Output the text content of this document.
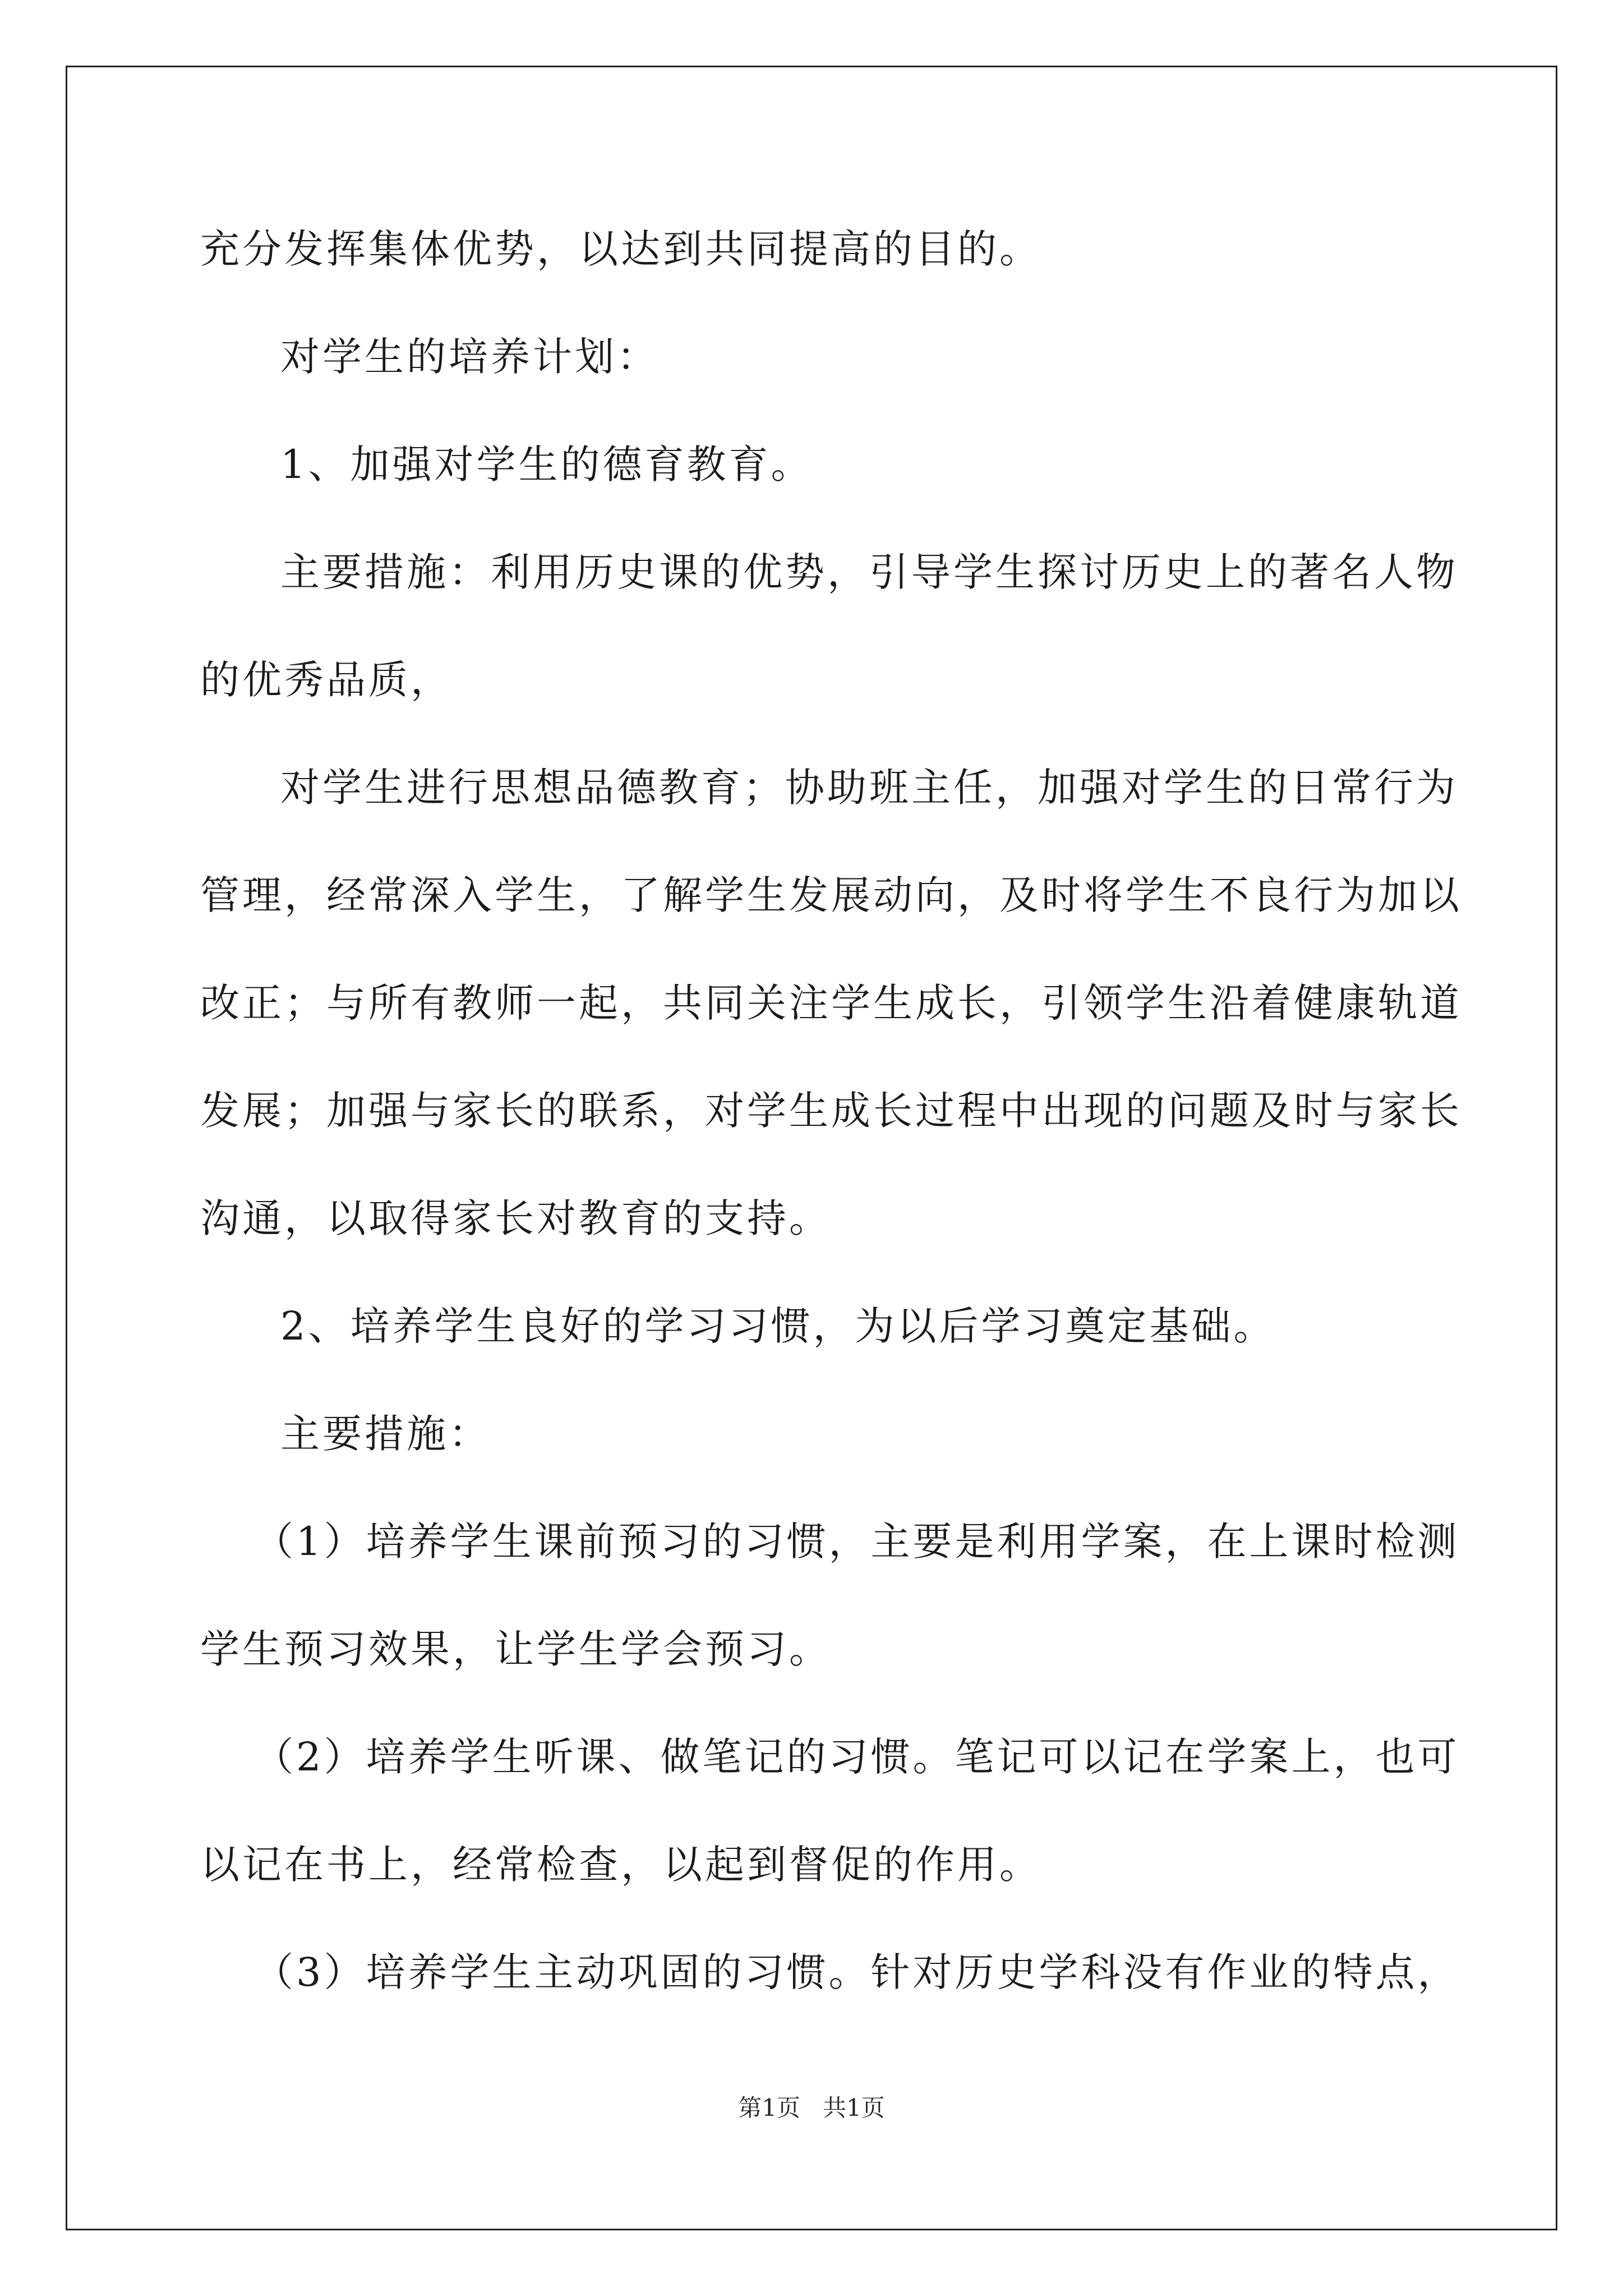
充分发挥集体优势，以达到共同提高的目的。
对学生的培养计划：
1、加强对学生的德育教育。
主要措施：利用历史课的优势，引导学生探讨历史上的著名人物
的优秀品质，
对学生进行思想品德教育；协助班主任，加强对学生的日常行为
管理，经常深入学生，了解学生发展动向，及时将学生不良行为加以
改正；与所有教师一起，共同关注学生成长，引领学生沿着健康轨道
发展；加强与家长的联系，对学生成长过程中出现的问题及时与家长
沟通，以取得家长对教育的支持。
2、培养学生良好的学习习惯，为以后学习奠定基础。
主要措施：
（1）培养学生课前预习的习惯，主要是利用学案，在上课时检测
学生预习效果，让学生学会预习。
（2）培养学生听课、做笔记的习惯。笔记可以记在学案上，也可
以记在书上，经常检查，以起到督促的作用。
（3）培养学生主动巩固的习惯。针对历史学科没有作业的特点，
第1页 共1页
